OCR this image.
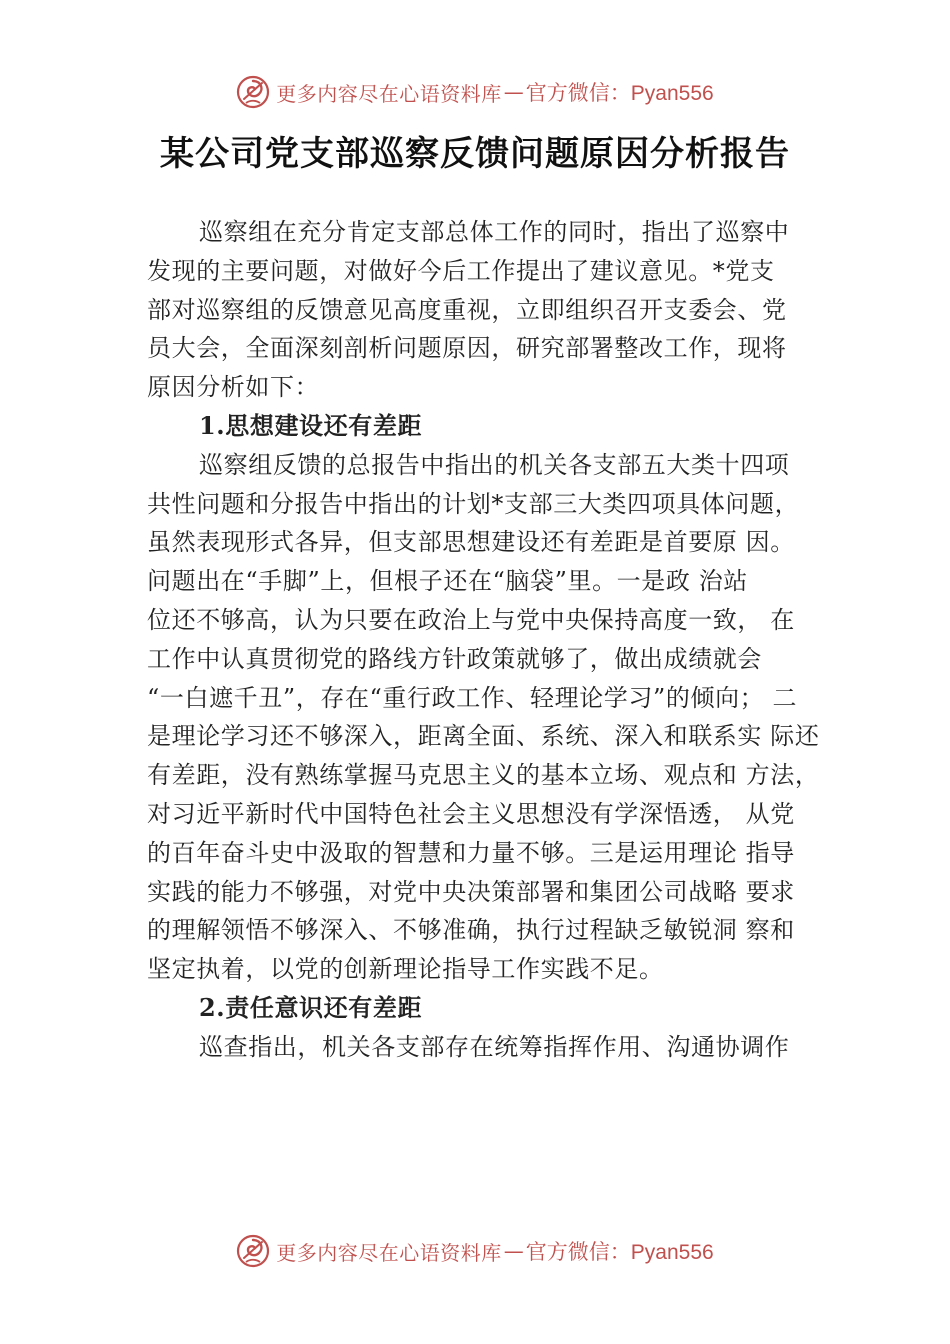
更多内容尽在心语资料库 — 官方微信：Pyan556
某公司党支部巡察反馈问题原因分析报告
巡察组在充分肯定支部总体工作的同时，指出了巡察中
发现的主要问题，对做好今后工作提出了建议意见。*党支
部对巡察组的反馈意见高度重视，立即组织召开支委会、党
员大会，全面深刻剖析问题原因，研究部署整改工作，现将
原因分析如下：
1.思想建设还有差距
巡察组反馈的总报告中指出的机关各支部五大类十四项
共性问题和分报告中指出的计划*支部三大类四项具体问题，
虽然表现形式各异，但支部思想建设还有差距是首要原 因。
问题出在“手脚”上，但根子还在“脑袋”里。一是政 治站
位还不够高，认为只要在政治上与党中央保持高度一致， 在
工作中认真贯彻党的路线方针政策就够了，做出成绩就会
“一白遮千丑”，存在“重行政工作、轻理论学习”的倾向； 二
是理论学习还不够深入，距离全面、系统、深入和联系实 际还
有差距，没有熟练掌握马克思主义的基本立场、观点和 方法，
对习近平新时代中国特色社会主义思想没有学深悟透， 从党
的百年奋斗史中汲取的智慧和力量不够。三是运用理论 指导
实践的能力不够强，对党中央决策部署和集团公司战略 要求
的理解领悟不够深入、不够准确，执行过程缺乏敏锐洞 察和
坚定执着，以党的创新理论指导工作实践不足。
2.责任意识还有差距
巡查指出，机关各支部存在统筹指挥作用、沟通协调作
更多内容尽在心语资料库 — 官方微信：Pyan556
